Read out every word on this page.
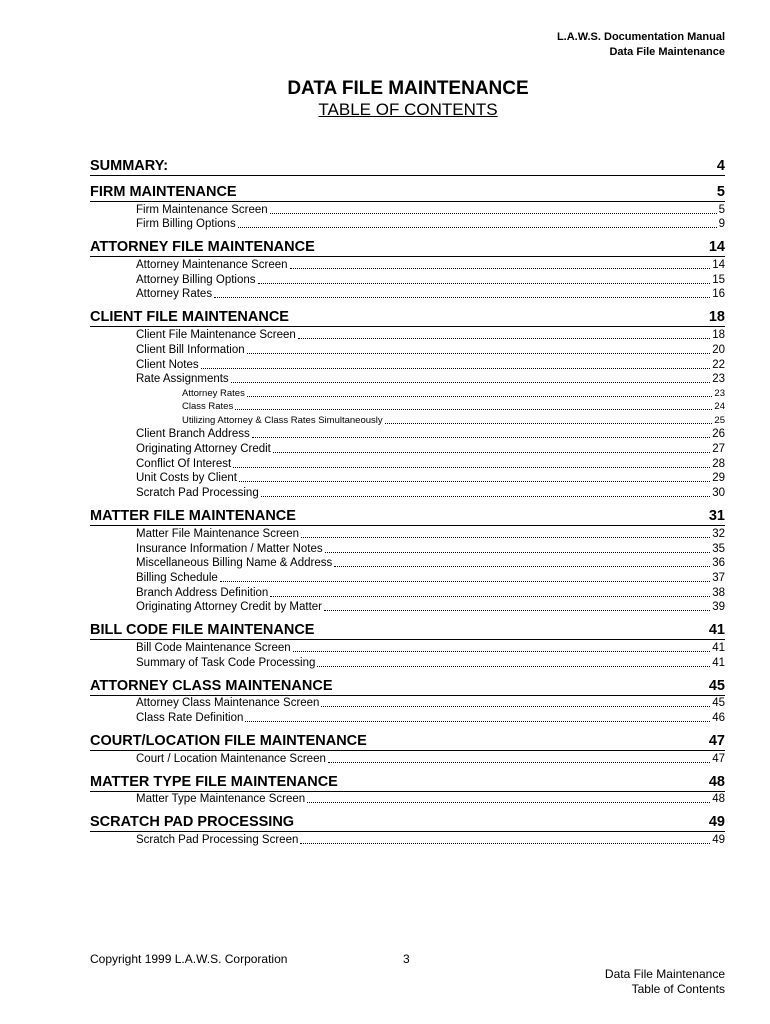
L.A.W.S. Documentation Manual
Data File Maintenance
DATA FILE MAINTENANCE
TABLE OF CONTENTS
SUMMARY:	4
FIRM MAINTENANCE	5
Firm Maintenance Screen	5
Firm Billing Options	9
ATTORNEY FILE MAINTENANCE	14
Attorney Maintenance Screen	14
Attorney Billing Options	15
Attorney Rates	16
CLIENT FILE MAINTENANCE	18
Client File Maintenance Screen	18
Client Bill Information	20
Client Notes	22
Rate Assignments	23
Attorney Rates	23
Class Rates	24
Utilizing Attorney & Class Rates Simultaneously	25
Client Branch Address	26
Originating Attorney Credit	27
Conflict Of Interest	28
Unit Costs by Client	29
Scratch Pad Processing	30
MATTER FILE MAINTENANCE	31
Matter File Maintenance Screen	32
Insurance Information / Matter Notes	35
Miscellaneous Billing Name & Address	36
Billing Schedule	37
Branch Address Definition	38
Originating Attorney Credit by Matter	39
BILL CODE FILE MAINTENANCE	41
Bill Code Maintenance Screen	41
Summary of Task Code Processing	41
ATTORNEY CLASS MAINTENANCE	45
Attorney Class Maintenance Screen	45
Class Rate Definition	46
COURT/LOCATION FILE MAINTENANCE	47
Court / Location Maintenance Screen	47
MATTER TYPE FILE MAINTENANCE	48
Matter Type Maintenance Screen	48
SCRATCH PAD PROCESSING	49
Scratch Pad Processing Screen	49
Copyright 1999 L.A.W.S. Corporation	3
Data File Maintenance
Table of Contents
